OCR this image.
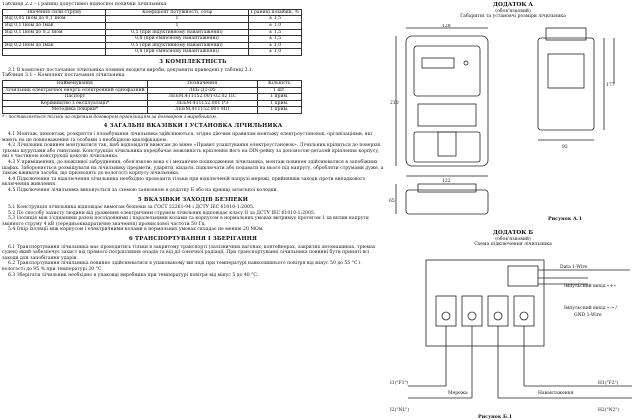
Таблиця 2.2 – Границі допустимої відносної похибки лічильника
Значення сили струму	Коефіцієнт потужності, cosφ	Границі похибки, %
Від 0,05 Iном до 0,1 Iном	1	± 1,5
Від 0,1 Iном до Iмак	1	± 1,0
Від 0,1 Iном до 0,2 Iном	0,5 (при індуктивному навантаженні)	± 1,5
	0,8 (при ємнісному навантаженні)	± 1,5
Від 0,2 Iном до Iмак	0,5 (при індуктивному навантаженні)	± 1,0
	0,8 (при ємнісному навантаженні)	± 1,0
3 КОМПЛЕКТНІСТЬ

3.1 В комплект постачання лічильника повинні входити вироби, документи приведені у таблиці 3.1.

Таблиця 3.1 – Комплект постачання лічильника
Найменування	Позначення	Кількість
Лічильник електричної енергії електронний однофазний	ЛЕБ-Д1-D5	1 шт.
Паспорт	ЛЕБМ.411152.001-02.02 ПС	1 прим.
Керівництво з експлуатації*	ЛЕБМ.411152.001 РЭ	1 прим.
Методика повірки*	ЛЕБМ.411152.001 МП	1 прим.
* - поставляється тільки за окремим договором організаціям за договором з виробником.
4 ЗАГАЛЬНІ ВКАЗІВКИ І УСТАНОВКА ЛІЧИЛЬНИКА

4.1 Монтаж, демонтаж, розкриття і пломбування лічильника здійснюються, згідно діючим правилам монтажу електроустановок, організаціями, які мають на це повноваження та особами з необхідною кваліфікацією.

4.2 Лічильник повинен монтуватися так, щоб відповідати вимогам до вінне «Правил улаштування електроустановок». Лічильник кріпиться до поверхні трьома шурупами або гвинтами. Конструкція лічильника передбачає можливість кріплення його на DIN-рейку за допомогою деталей кріплення корпусу, які є частиною конструкції цоколю лічильника.

4.3 У приміщеннях, до можливої забруднення, обов'язково вона є і механічне пошкодження лічильника, монтаж повинен здійснюватися в запобіжних шафах. Забороняється розміщувати на лічильнику предмети, ударяти, кидати, підключати або подавати на нього під напругу, обробляти струмами дуже, а також вживати засоби, що призводять до вологості корпусу лічильника.

4.4 Підключення та відключення лічильника необхідно проводити тільки при відключеній напрузі мережі, прийнявши заходи проти випадкового включення живлення.

4.5 Підключення лічильника виконується за схемою заявленою в додатку Б або на кришці затискної колодки.

5 ВКАЗІВКИ ЗАХОДІВ БЕЗПЕКИ

5.1 Конструкція лічильника відповідає вимогам безпеки за ГОСТ 22261-94 і ДСТУ IEC 61010-1:2005.

5.2 По способу захисту людини від ураження електричним струмом лічильник відповідає класу II за ДСТУ IEC 61010-1:2005.

5.3 Ізоляція між з'єднаними разом послідовними і паралельними колами та корпусом в нормальних умовах витримує протягом 1 хв вплив напруги змінного струму 4 кВ (середньоквадратичне значення) промислової частоти 50 Гц.

5.4 Опір ізоляції між корпусом і електричними колами в нормальних умовах складає не менше 20 МОм.

6 ТРАНСПОРТУВАННЯ І ЗБЕРІГАННЯ

6.1 Транспортування лічильника має проводитись тільки в закритому транспорті (залізничних вагонах, контейнерах, закритих автомашинах, трюмах суден) який забезпечує захист від прямого потрапляння опадів та від дії сонячної радіації. При транспортуванні лічильника повинні бути приняті всі заходи для запобігання ударів.

6.2 Транспортування лічильника повинно здійснюватися в упакованому вигляді при температурі навколишнього повітря від мінус 50 до 55 °С і вологості до 95 % при температурі 30 °С.

6.3 Зберігати лічильник необхідно в упаковці виробника при температурі повітря від мінус 5 до 40 °С.

ДОДАТОК А
(обов'язковий)
Габаритні та установчі розміри лічильника
210
122
128
177
92
65
Рисунок А.1
ДОДАТОК Б
(обов'язковий)
Схема підключення лічильника
Data 1-Wire
Імпульсний вихід «+»
Імпульсний вихід «-» /
GND 1-Wire
I1("F1")
I2("N1")
H1("F2")
H2("N2")
Мережа	Навантаження
Рисунок Б.1
